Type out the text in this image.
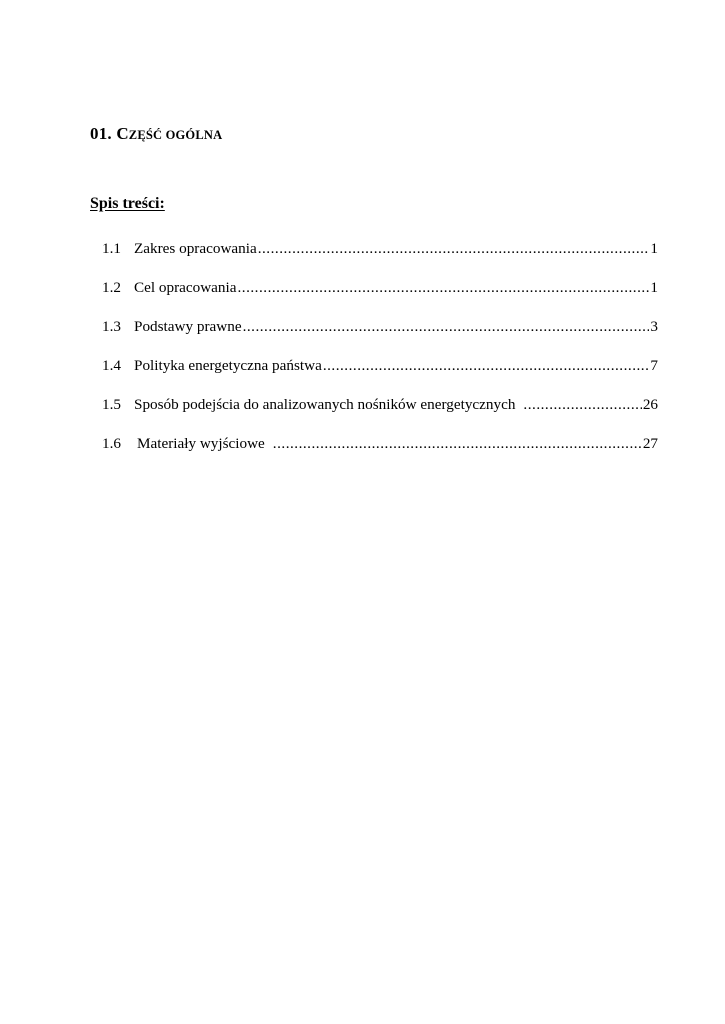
01. CZĘŚĆ OGÓLNA
Spis treści:
1.1 Zakres opracowania .....	1
1.2 Cel opracowania .....	1
1.3 Podstawy prawne .....	3
1.4 Polityka energetyczna państwa .....	7
1.5 Sposób podejścia do analizowanych nośników energetycznych .....	26
1.6	Materiały wyjściowe .....	27
